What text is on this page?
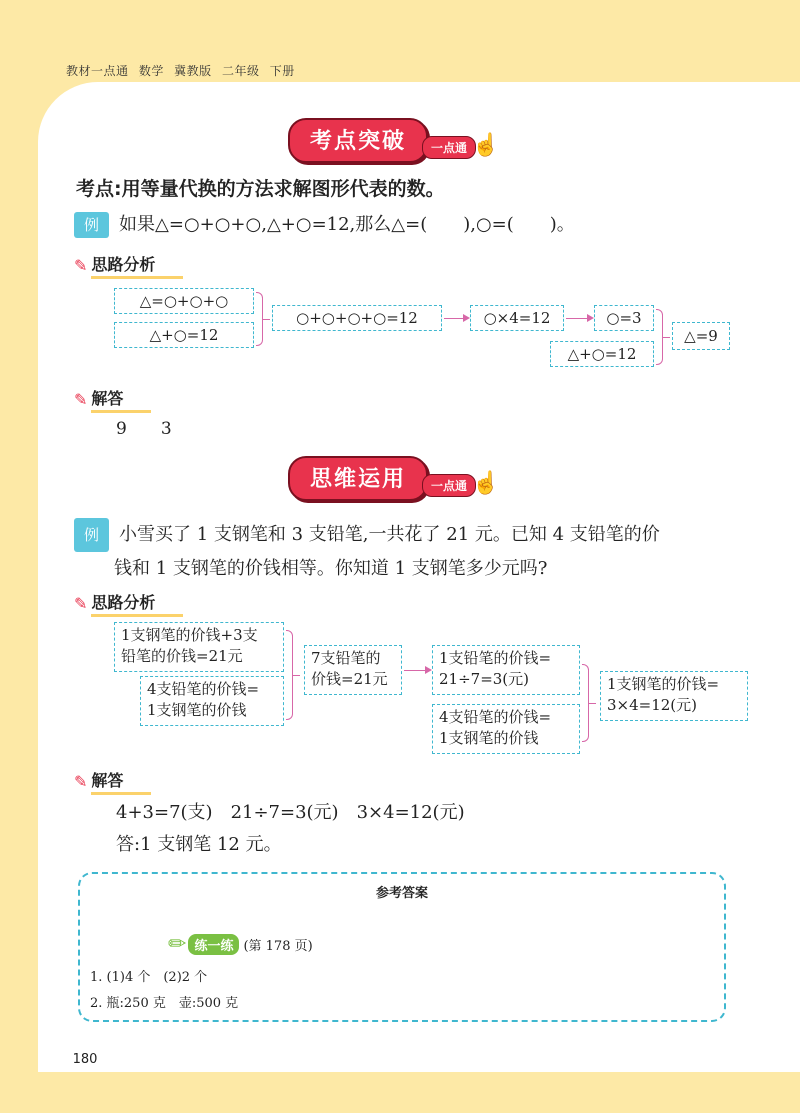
教材一点通 数学 冀教版 二年级 下册
考点突破	一点通 ☝
考点:用等量代换的方法求解图形代表的数。
例 如果△=○+○+○,△+○=12,那么△=(　　),○=(　　)。
✎ 思路分析
△=○+○+○
△+○=12
○+○+○+○=12	○×4=12	○=3
△+○=12
△=9
✎ 解答
9　　3
思维运用	一点通 ☝
例 小雪买了 1 支钢笔和 3 支铅笔,一共花了 21 元。已知 4 支铅笔的价
钱和 1 支钢笔的价钱相等。你知道 1 支钢笔多少元吗?
✎ 思路分析
1支钢笔的价钱+3支
铅笔的价钱=21元
4支铅笔的价钱=
1支钢笔的价钱
7支铅笔的
价钱=21元
1支铅笔的价钱=
21÷7=3(元)
4支铅笔的价钱=
1支钢笔的价钱
1支钢笔的价钱=
3×4=12(元)
✎ 解答
4+3=7(支)　21÷7=3(元)　3×4=12(元)
答:1 支钢笔 12 元。
参考答案
✏ 练一练 (第 178 页)
1. (1)4 个　(2)2 个
2. 瓶:250 克　壶:500 克
180
